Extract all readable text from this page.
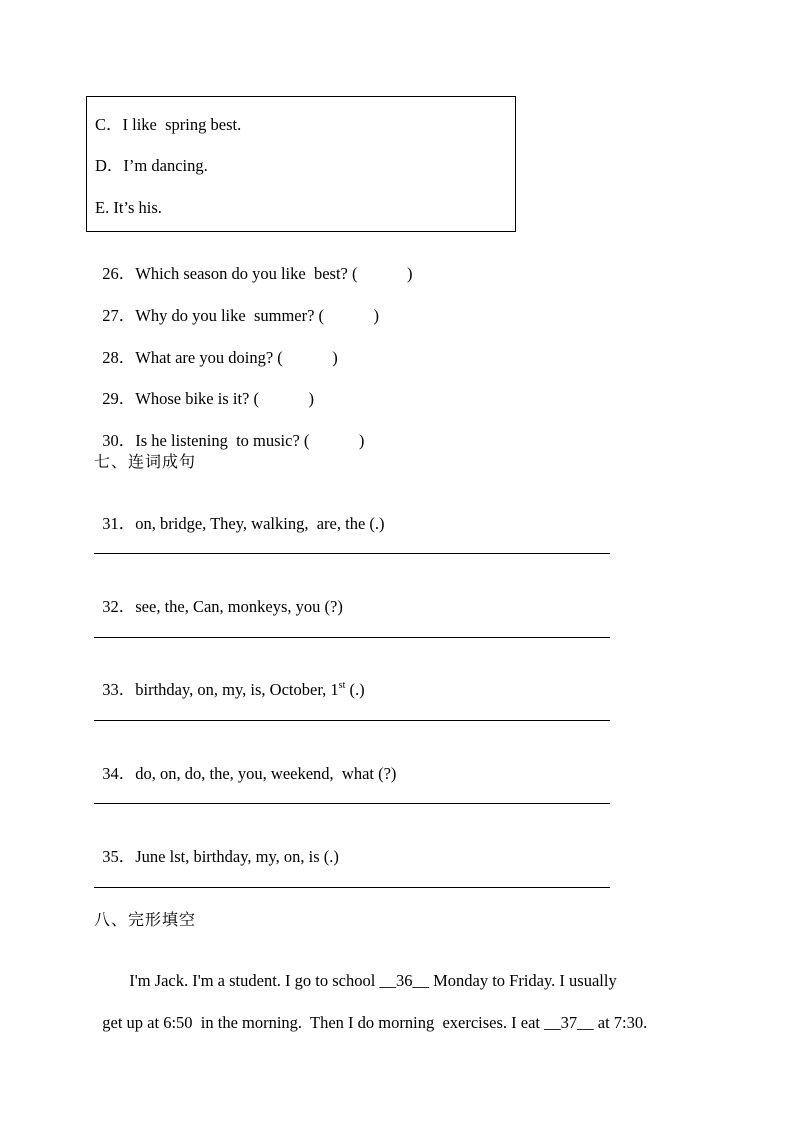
C．I like  spring best.
D．I’m dancing.
E. It’s his.

26．Which season do you like  best? (            )

27．Why do you like  summer? (            )

28．What are you doing? (            )

29．Whose bike is it? (            )

30．Is he listening  to music? (            )

七、连词成句

31．on, bridge, They, walking,  are, the (.)

32．see, the, Can, monkeys, you (?)

33．birthday, on, my, is, October, 1st (.)

34．do, on, do, the, you, weekend,  what (?)

35．June lst, birthday, my, on, is (.)

八、完形填空

I'm Jack. I'm a student. I go to school __36__ Monday to Friday. I usually

get up at 6:50  in the morning.  Then I do morning  exercises. I eat __37__ at 7:30.
